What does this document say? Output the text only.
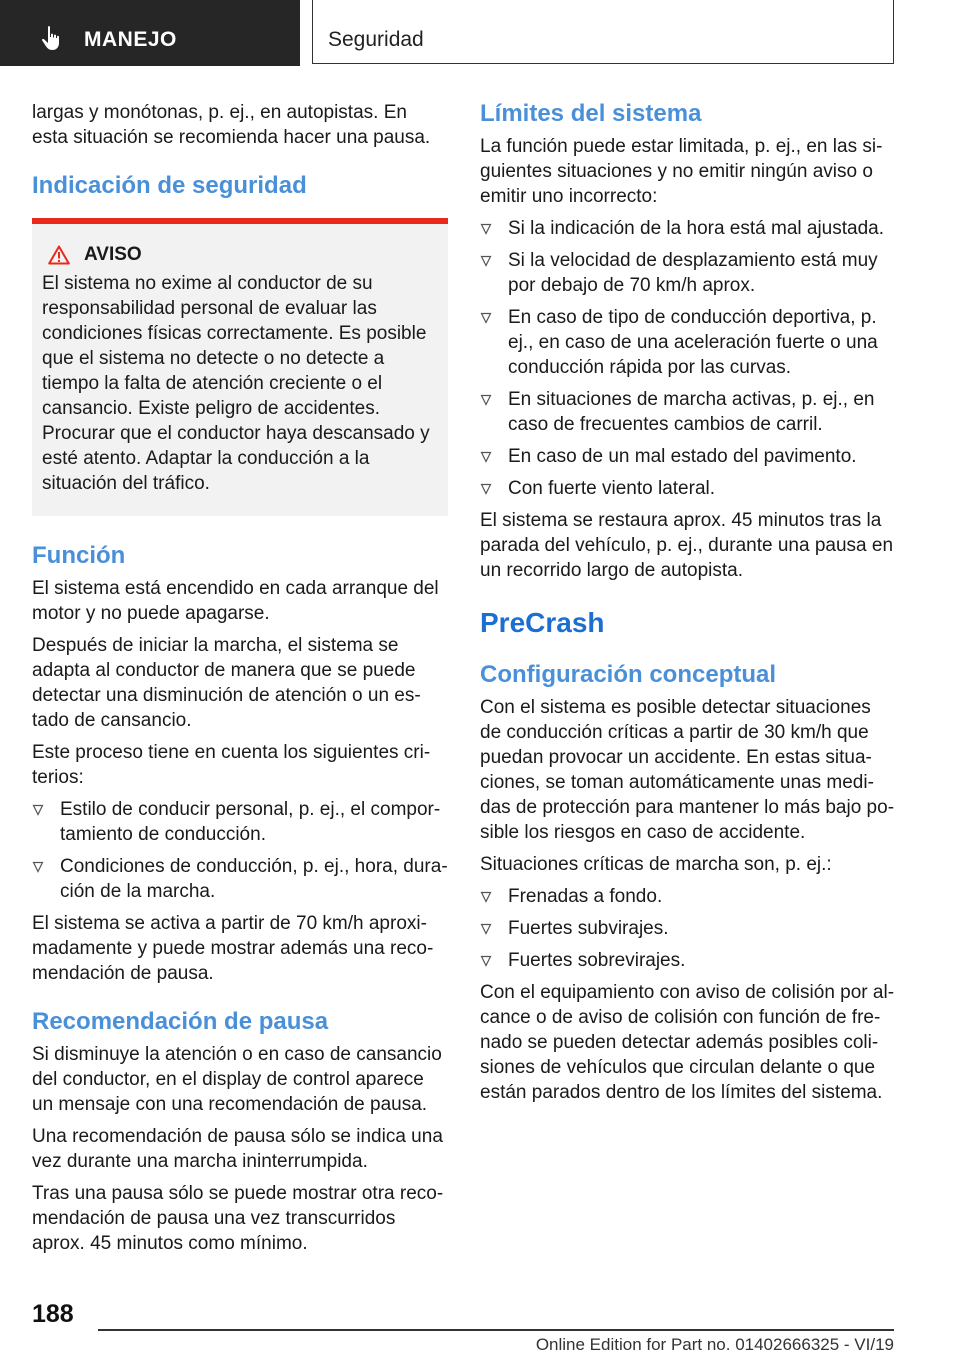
MANEJO	Seguridad

largas y monótonas, p. ej., en autopistas. En esta situación se recomienda hacer una pausa.

Indicación de seguridad
AVISO

El sistema no exime al conductor de su responsabilidad personal de evaluar las condiciones físicas correctamente. Es posible que el sistema no detecte o no detecte a tiempo la falta de atención creciente o el cansancio. Existe peligro de accidentes. Procurar que el conductor haya descansado y esté atento. Adaptar la conducción a la situación del tráfico.

Función

El sistema está encendido en cada arranque del motor y no puede apagarse.

Después de iniciar la marcha, el sistema se adapta al conductor de manera que se puede detectar una disminución de atención o un estado de cansancio.

Este proceso tiene en cuenta los siguientes criterios:

Estilo de conducir personal, p. ej., el comportamiento de conducción.
Condiciones de conducción, p. ej., hora, duración de la marcha.

El sistema se activa a partir de 70 km/h aproximadamente y puede mostrar además una recomendación de pausa.

Recomendación de pausa

Si disminuye la atención o en caso de cansancio del conductor, en el display de control aparece un mensaje con una recomendación de pausa.

Una recomendación de pausa sólo se indica una vez durante una marcha ininterrumpida.

Tras una pausa sólo se puede mostrar otra recomendación de pausa una vez transcurridos aprox. 45 minutos como mínimo.

Límites del sistema

La función puede estar limitada, p. ej., en las siguientes situaciones y no emitir ningún aviso o emitir uno incorrecto:

Si la indicación de la hora está mal ajustada.
Si la velocidad de desplazamiento está muy por debajo de 70 km/h aprox.
En caso de tipo de conducción deportiva, p. ej., en caso de una aceleración fuerte o una conducción rápida por las curvas.
En situaciones de marcha activas, p. ej., en caso de frecuentes cambios de carril.
En caso de un mal estado del pavimento.
Con fuerte viento lateral.

El sistema se restaura aprox. 45 minutos tras la parada del vehículo, p. ej., durante una pausa en un recorrido largo de autopista.

PreCrash
Configuración conceptual

Con el sistema es posible detectar situaciones de conducción críticas a partir de 30 km/h que puedan provocar un accidente. En estas situaciones, se toman automáticamente unas medidas de protección para mantener lo más bajo posible los riesgos en caso de accidente.

Situaciones críticas de marcha son, p. ej.:

Frenadas a fondo.
Fuertes subvirajes.
Fuertes sobrevirajes.

Con el equipamiento con aviso de colisión por alcance o de aviso de colisión con función de frenado se pueden detectar además posibles colisiones de vehículos que circulan delante o que están parados dentro de los límites del sistema.

188
Online Edition for Part no. 01402666325 - VI/19
